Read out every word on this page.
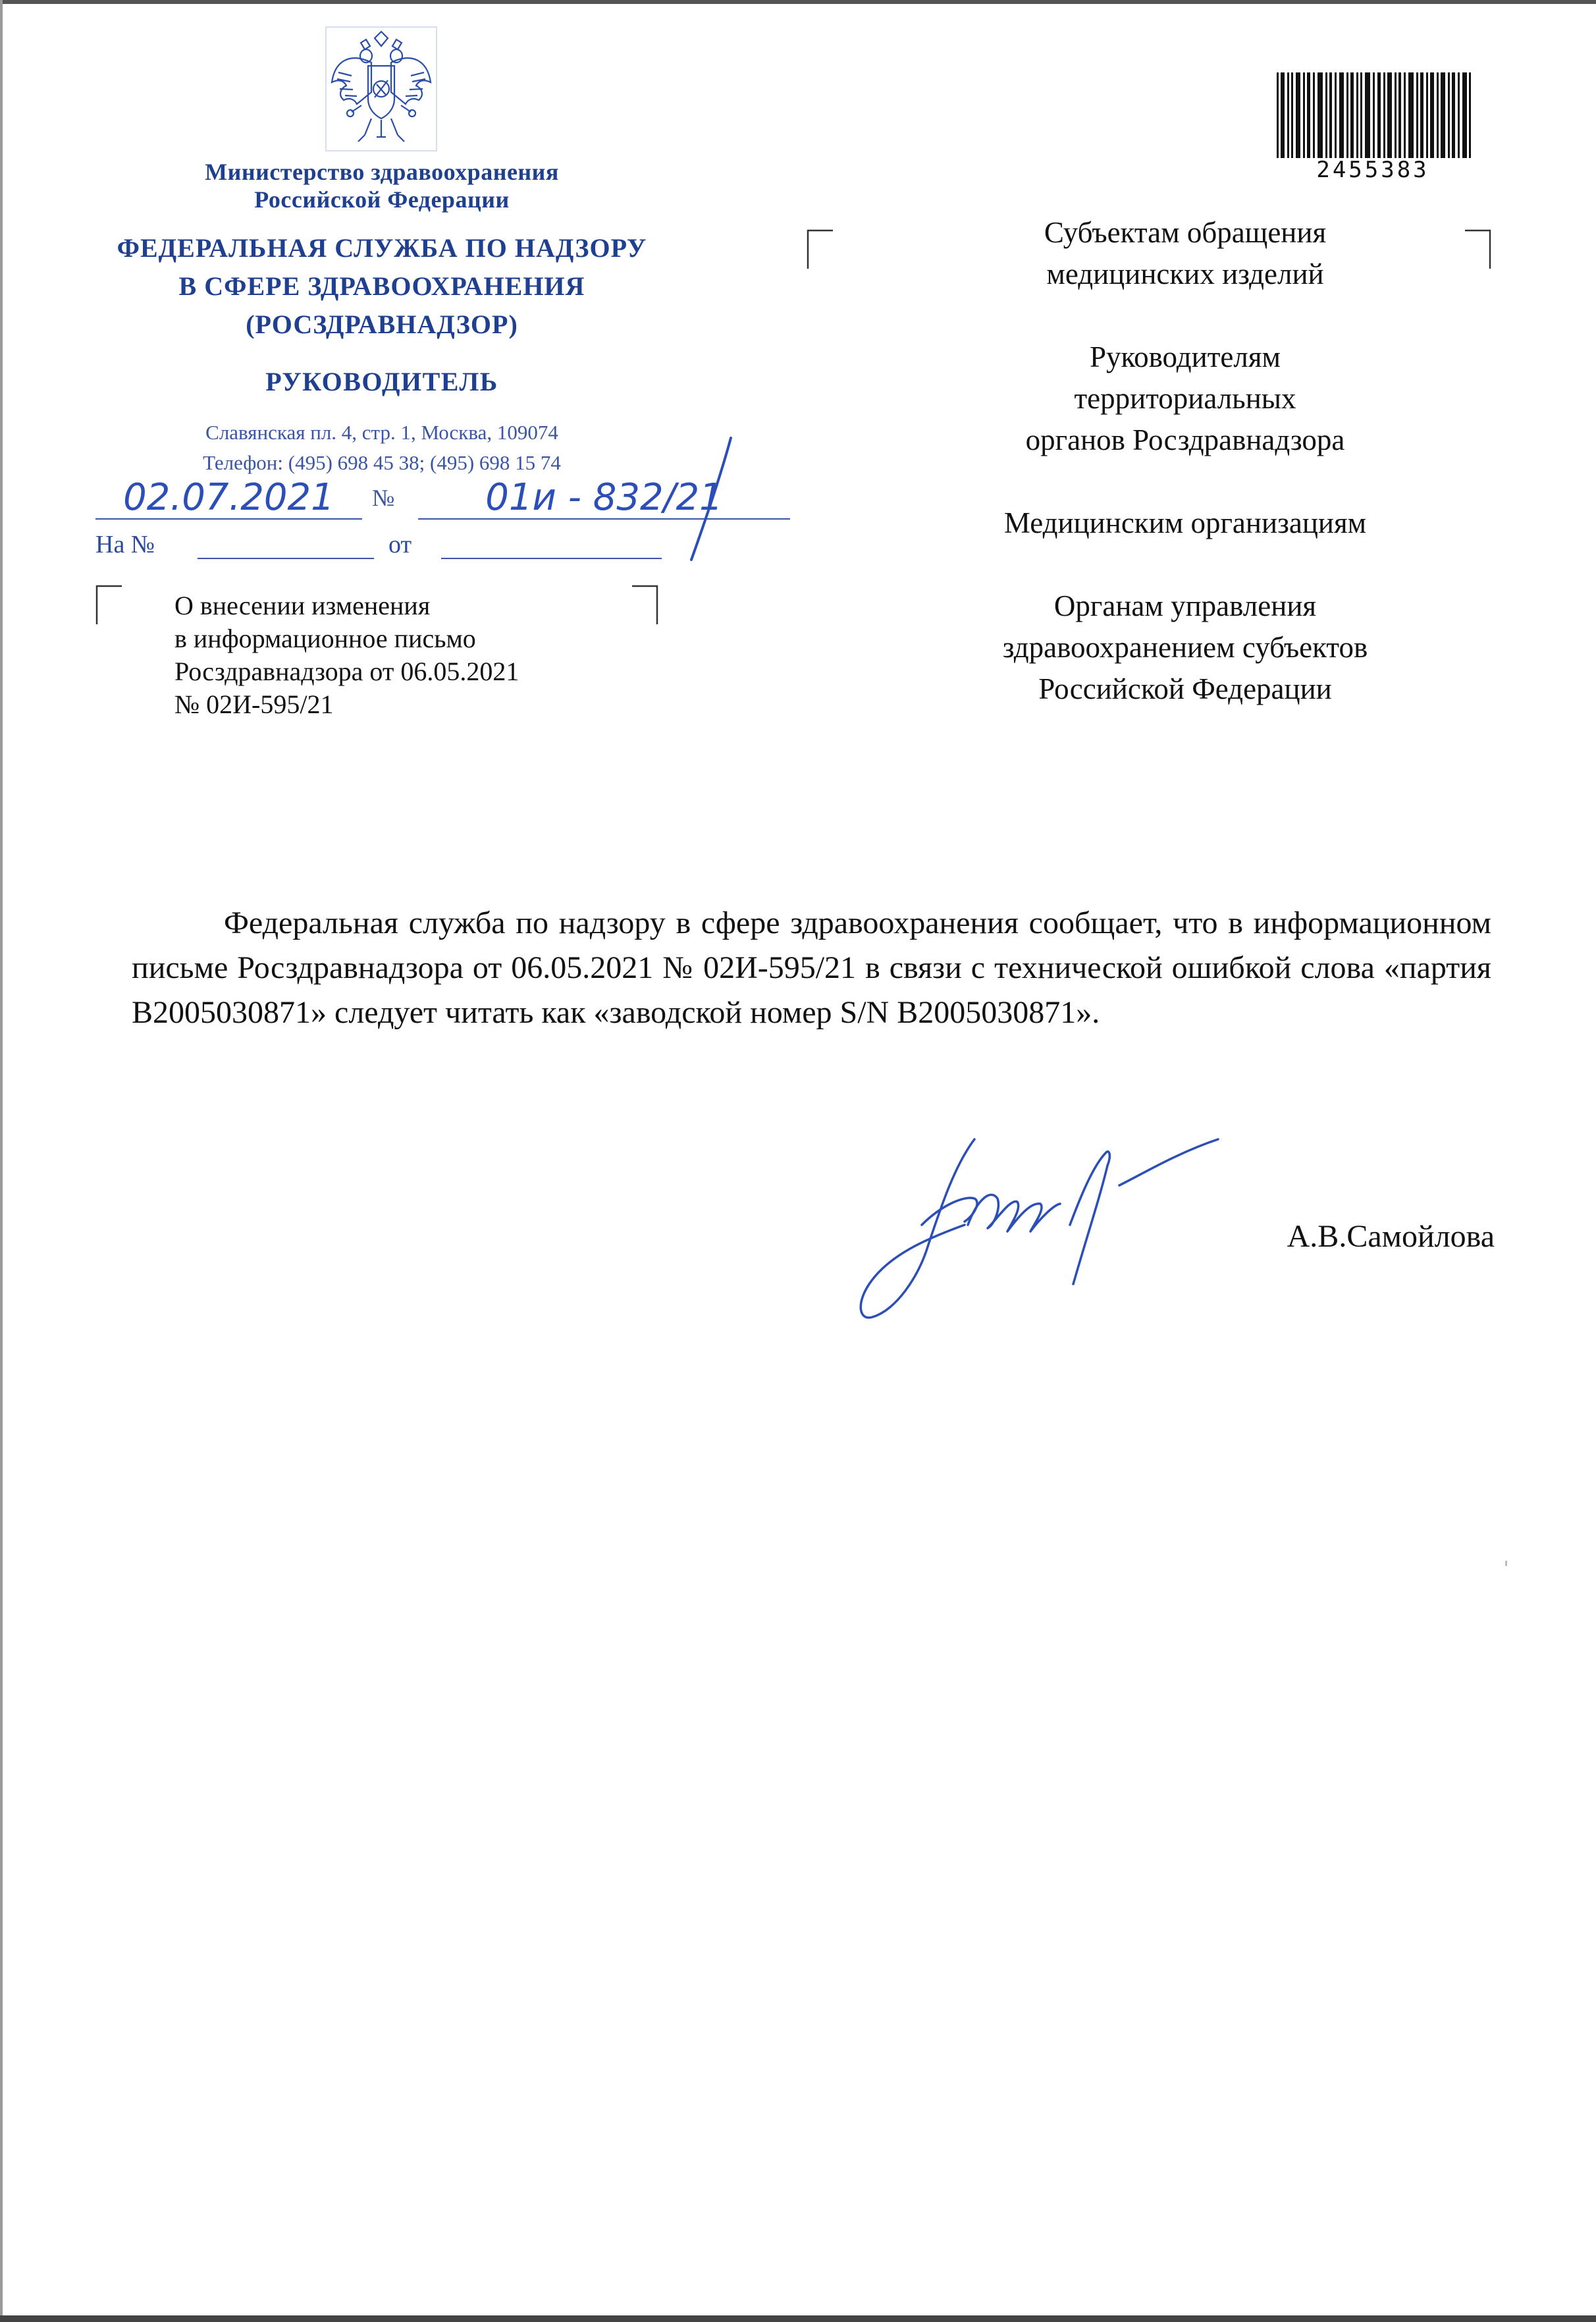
Министерство здравоохранения
Российской Федерации
ФЕДЕРАЛЬНАЯ СЛУЖБА ПО НАДЗОРУ
В СФЕРЕ ЗДРАВООХРАНЕНИЯ
(РОСЗДРАВНАДЗОР)
РУКОВОДИТЕЛЬ
Славянская пл. 4, стр. 1, Москва, 109074
Телефон: (495) 698 45 38; (495) 698 15 74
02.07.2021	№	01и - 832/21
На №	от
О внесении изменения
в информационное письмо
Росздравнадзора от 06.05.2021
№ 02И-595/21
2455383
Субъектам обращения
медицинских изделий
Руководителям
территориальных
органов Росздравнадзора
Медицинским организациям
Органам управления
здравоохранением субъектов
Российской Федерации
Федеральная служба по надзору в сфере здравоохранения сообщает, что в информационном письме Росздравнадзора от 06.05.2021 № 02И-595/21 в связи с технической ошибкой слова «партия В2005030871» следует читать как «заводской номер S/N В2005030871».
А.В.Самойлова
